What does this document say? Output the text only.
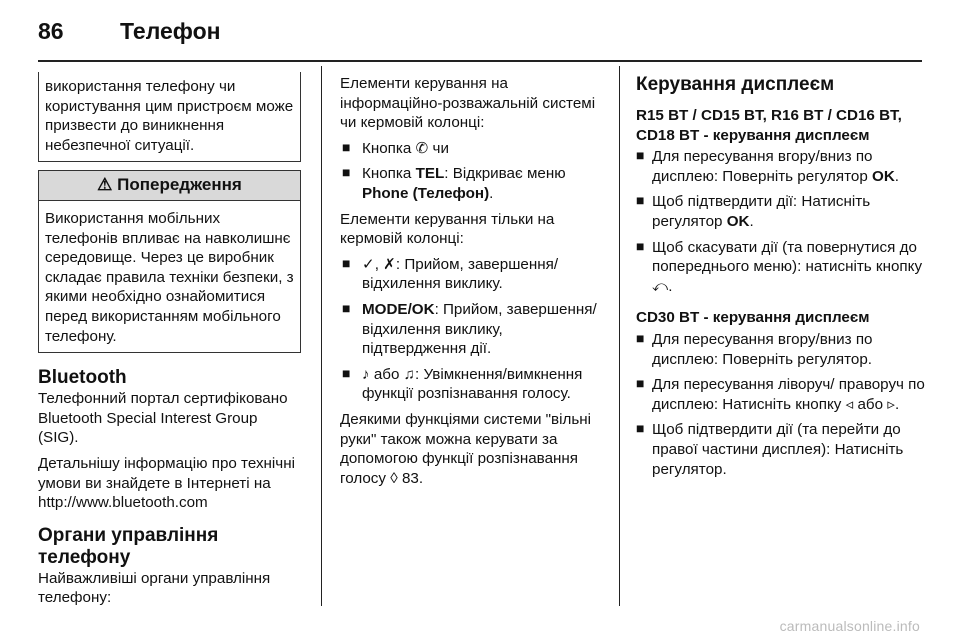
86 Телефон
використання телефону чи користування цим пристроєм може призвести до виникнення небезпечної ситуації.
⚠ Попередження
Використання мобільних телефонів впливає на навколишнє середовище. Через це виробник складає правила техніки безпеки, з якими необхідно ознайомитися перед використанням мобільного телефону.
Bluetooth

Телефонний портал сертифіковано Bluetooth Special Interest Group (SIG).

Детальнішу інформацію про технічні умови ви знайдете в Інтернеті на http://www.bluetooth.com

Органи управління телефону

Найважливіші органи управління телефону:

Елементи керування на інформаційно-розважальній системі чи кермовій колонці:

■ Кнопка ✆ чи
■ Кнопка TEL: Відкриває меню Phone (Телефон).

Елементи керування тільки на кермовій колонці:

■ ✓, ✗: Прийом, завершення/ відхилення виклику.
■ MODE/OK: Прийом, завершення/ відхилення виклику, підтвердження дії.
■ ♪ або ♫: Увімкнення/вимкнення функції розпізнавання голосу.

Деякими функціями системи "вільні руки" також можна керувати за допомогою функції розпізнавання голосу ◊ 83.

Керування дисплеєм

R15 BT / CD15 BT, R16 BT / CD16 BT, CD18 BT - керування дисплеєм

■ Для пересування вгору/вниз по дисплею: Поверніть регулятор OK.
■ Щоб підтвердити дії: Натисніть регулятор OK.
■ Щоб скасувати дії (та повернутися до попереднього меню): натисніть кнопку ⤺.

CD30 BT - керування дисплеєм

■ Для пересування вгору/вниз по дисплею: Поверніть регулятор.
■ Для пересування ліворуч/ праворуч по дисплею: Натисніть кнопку ◃ або ▹.
■ Щоб підтвердити дії (та перейти до правої частини дисплея): Натисніть регулятор.
carmanualsonline.info
